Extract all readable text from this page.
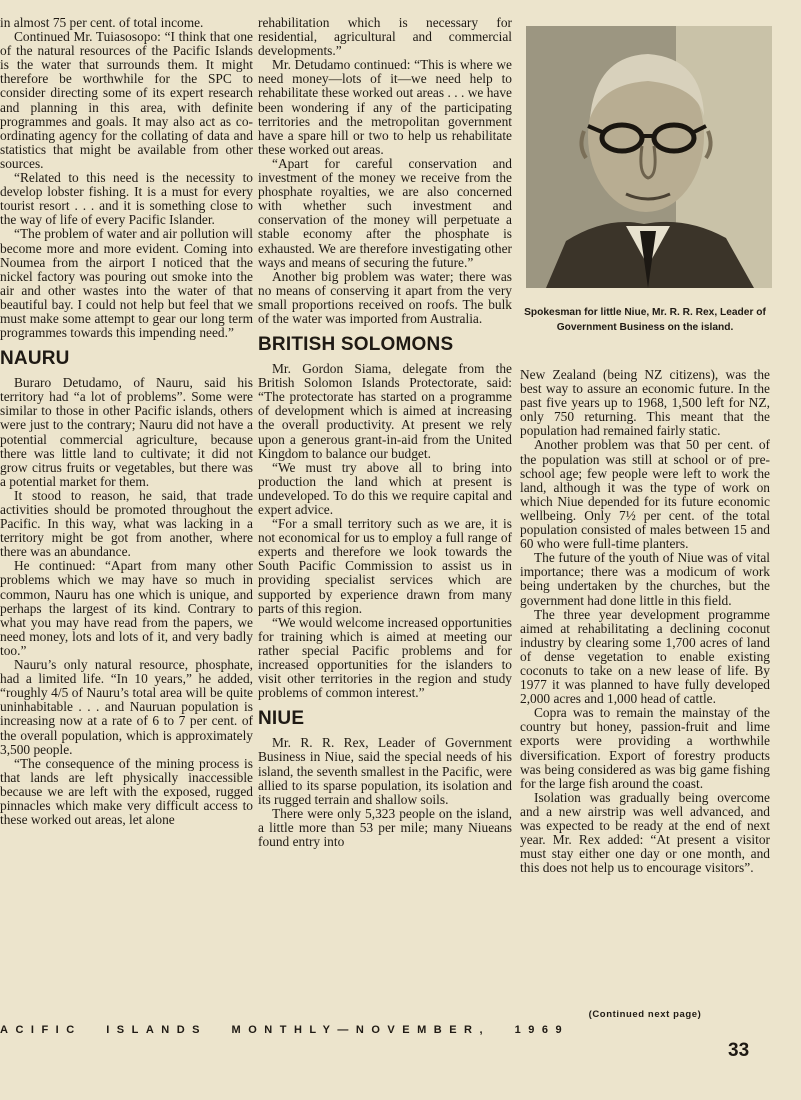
in almost 75 per cent. of total income.

Continued Mr. Tuiasosopo: “I think that one of the natural resources of the Pacific Islands is the water that surrounds them. It might therefore be worthwhile for the SPC to consider directing some of its expert research and planning in this area, with definite programmes and goals. It may also act as co-ordinating agency for the collating of data and statistics that might be available from other sources.

“Related to this need is the necessity to develop lobster fishing. It is a must for every tourist resort . . . and it is something close to the way of life of every Pacific Islander.

“The problem of water and air pollution will become more and more evident. Coming into Noumea from the airport I noticed that the nickel factory was pouring out smoke into the air and other wastes into the water of that beautiful bay. I could not help but feel that we must make some attempt to gear our long term programmes towards this impending need.”

NAURU

Buraro Detudamo, of Nauru, said his territory had “a lot of problems”. Some were similar to those in other Pacific islands, others were just to the contrary; Nauru did not have a potential commercial agriculture, because there was little land to cultivate; it did not grow citrus fruits or vegetables, but there was a potential market for them.

It stood to reason, he said, that trade activities should be promoted throughout the Pacific. In this way, what was lacking in a territory might be got from another, where there was an abundance.

He continued: “Apart from many other problems which we may have so much in common, Nauru has one which is unique, and perhaps the largest of its kind. Contrary to what you may have read from the papers, we need money, lots and lots of it, and very badly too.”

Nauru’s only natural resource, phosphate, had a limited life. “In 10 years,” he added, “roughly 4/5 of Nauru’s total area will be quite uninhabitable . . . and Nauruan population is increasing now at a rate of 6 to 7 per cent. of the overall population, which is approximately 3,500 people.

“The consequence of the mining process is that lands are left physically inaccessible because we are left with the exposed, rugged pinnacles which make very difficult access to these worked out areas, let alone

rehabilitation which is necessary for residential, agricultural and commercial developments.”

Mr. Detudamo continued: “This is where we need money—lots of it—we need help to rehabilitate these worked out areas . . . we have been wondering if any of the participating territories and the metropolitan government have a spare hill or two to help us rehabilitate these worked out areas.

“Apart for careful conservation and investment of the money we receive from the phosphate royalties, we are also concerned with whether such investment and conservation of the money will perpetuate a stable economy after the phosphate is exhausted. We are therefore investigating other ways and means of securing the future.”

Another big problem was water; there was no means of conserving it apart from the very small proportions received on roofs. The bulk of the water was imported from Australia.

BRITISH SOLOMONS

Mr. Gordon Siama, delegate from the British Solomon Islands Protectorate, said: “The protectorate has started on a programme of development which is aimed at increasing the overall productivity. At present we rely upon a generous grant-in-aid from the United Kingdom to balance our budget.

“We must try above all to bring into production the land which at present is undeveloped. To do this we require capital and expert advice.

“For a small territory such as we are, it is not economical for us to employ a full range of experts and therefore we look towards the South Pacific Commission to assist us in providing specialist services which are supported by experience drawn from many parts of this region.

“We would welcome increased opportunities for training which is aimed at meeting our rather special Pacific problems and for increased opportunities for the islanders to visit other territories in the region and study problems of common interest.”

NIUE

Mr. R. R. Rex, Leader of Government Business in Niue, said the special needs of his island, the seventh smallest in the Pacific, were allied to its sparse population, its isolation and its rugged terrain and shallow soils.

There were only 5,323 people on the island, a little more than 53 per mile; many Niueans found entry into

Spokesman for little Niue, Mr. R. R. Rex, Leader of Government Business on the island.

New Zealand (being NZ citizens), was the best way to assure an economic future. In the past five years up to 1968, 1,500 left for NZ, only 750 returning. This meant that the population had remained fairly static.

Another problem was that 50 per cent. of the population was still at school or of pre-school age; few people were left to work the land, although it was the type of work on which Niue depended for its future economic wellbeing. Only 7½ per cent. of the total population consisted of males between 15 and 60 who were full-time planters.

The future of the youth of Niue was of vital importance; there was a modicum of work being undertaken by the churches, but the government had done little in this field.

The three year development programme aimed at rehabilitating a declining coconut industry by clearing some 1,700 acres of land of dense vegetation to enable existing coconuts to take on a new lease of life. By 1977 it was planned to have fully developed 2,000 acres and 1,000 head of cattle.

Copra was to remain the mainstay of the country but honey, passion-fruit and lime exports were providing a worthwhile diversification. Export of forestry products was being considered as was big game fishing for the large fish around the coast.

Isolation was gradually being overcome and a new airstrip was well advanced, and was expected to be ready at the end of next year. Mr. Rex added: “At present a visitor must stay either one day or one month, and this does not help us to encourage visitors”.

(Continued next page)
ACIFIC ISLANDS MONTHLY—NOVEMBER, 1969
33
